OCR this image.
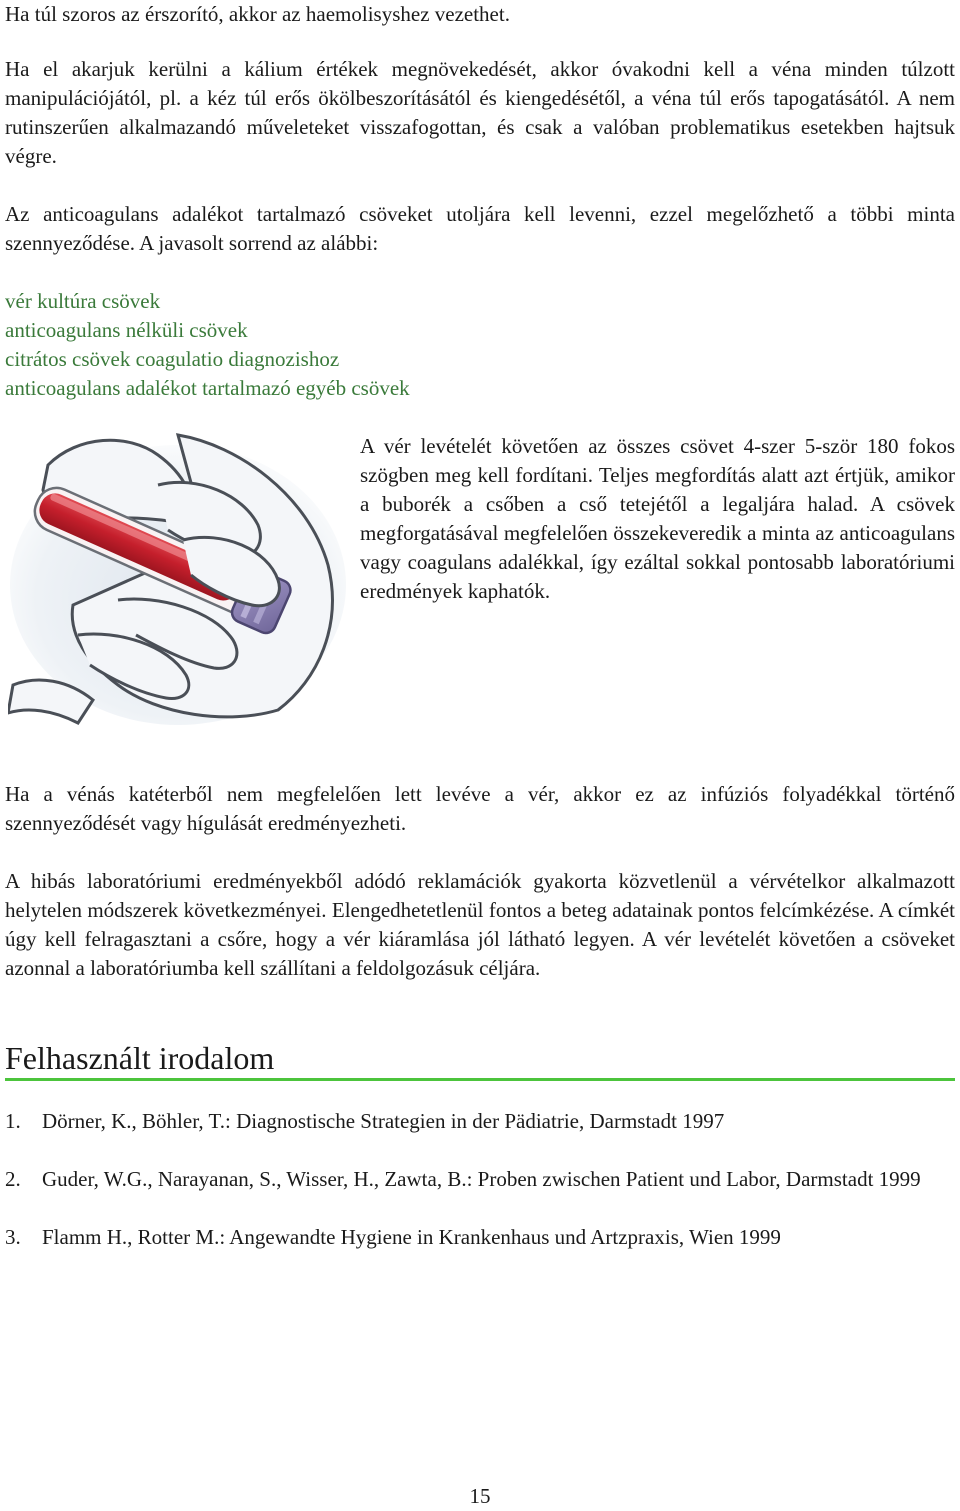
Ha túl szoros az érszorító, akkor az haemolisyshez vezethet.

Ha el akarjuk kerülni a kálium értékek megnövekedését, akkor óvakodni kell a véna minden túlzott manipulációjától, pl. a kéz túl erős ökölbeszorításától és kiengedésétől, a véna túl erős tapogatásától. A nem rutinszerűen alkalmazandó műveleteket visszafogottan, és csak a valóban problematikus esetekben hajtsuk végre.

Az anticoagulans adalékot tartalmazó csöveket utoljára kell levenni, ezzel megelőzhető a többi minta szennyeződése. A javasolt sorrend az alábbi:

vér kultúra csövek
anticoagulans nélküli csövek
citrátos csövek coagulatio diagnozishoz
anticoagulans adalékot tartalmazó egyéb csövek

A vér levételét követően az összes csövet 4-szer 5-ször 180 fokos szögben meg kell fordítani. Teljes megfordítás alatt azt értjük, amikor a buborék a csőben a cső tetejétől a legaljára halad. A csövek megforgatásával megfelelően összekeveredik a minta az anticoagulans vagy coagulans adalékkal, így ezáltal sokkal pontosabb laboratóriumi eredmények kaphatók.

Ha a vénás katéterből nem megfelelően lett levéve a vér, akkor ez az infúziós folyadékkal történő szennyeződését vagy hígulását eredményezheti.

A hibás laboratóriumi eredményekből adódó reklamációk gyakorta közvetlenül a vérvételkor alkalmazott helytelen módszerek következményei. Elengedhetetlenül fontos a beteg adatainak pontos felcímkézése. A címkét úgy kell felragasztani a csőre, hogy a vér kiáramlása jól látható legyen. A vér levételét követően a csöveket azonnal a laboratóriumba kell szállítani a feldolgozásuk céljára.

Felhasznált irodalom
1.	Dörner, K., Böhler, T.: Diagnostische Strategien in der Pädiatrie, Darmstadt 1997
2.	Guder, W.G., Narayanan, S., Wisser, H., Zawta, B.: Proben zwischen Patient und Labor, Darmstadt 1999
3.	Flamm H., Rotter M.: Angewandte Hygiene in Krankenhaus und Artzpraxis, Wien 1999
15
